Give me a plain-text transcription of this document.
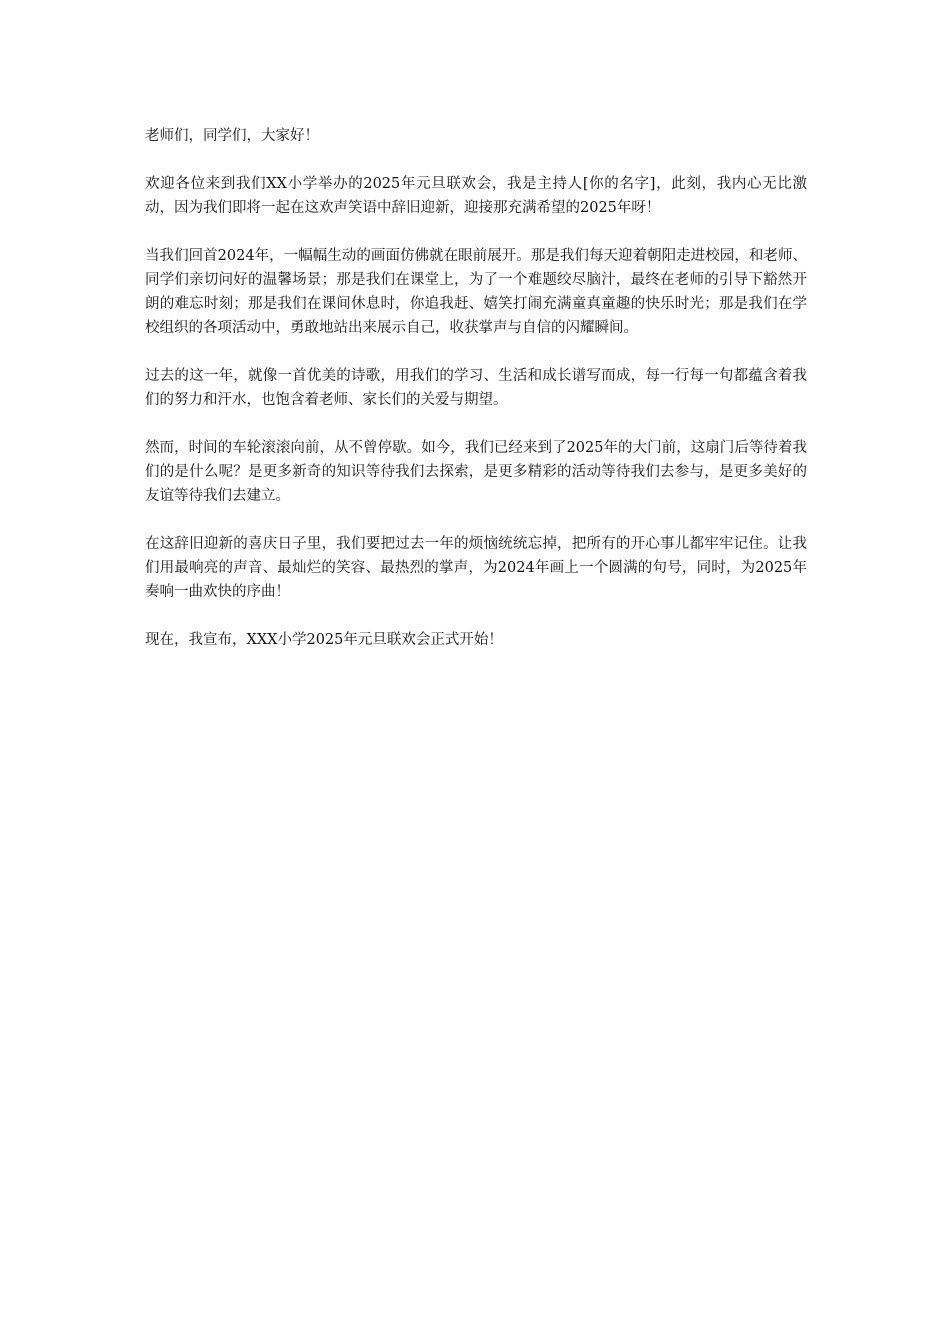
老师们，同学们，大家好！

欢迎各位来到我们XX小学举办的2025年元旦联欢会，我是主持人[你的名字]，此刻，我内心无比激动，因为我们即将一起在这欢声笑语中辞旧迎新，迎接那充满希望的2025年呀！

当我们回首2024年，一幅幅生动的画面仿佛就在眼前展开。那是我们每天迎着朝阳走进校园，和老师、同学们亲切问好的温馨场景；那是我们在课堂上，为了一个难题绞尽脑汁，最终在老师的引导下豁然开朗的难忘时刻；那是我们在课间休息时，你追我赶、嬉笑打闹充满童真童趣的快乐时光；那是我们在学校组织的各项活动中，勇敢地站出来展示自己，收获掌声与自信的闪耀瞬间。

过去的这一年，就像一首优美的诗歌，用我们的学习、生活和成长谱写而成，每一行每一句都蕴含着我们的努力和汗水，也饱含着老师、家长们的关爱与期望。

然而，时间的车轮滚滚向前，从不曾停歇。如今，我们已经来到了2025年的大门前，这扇门后等待着我们的是什么呢？是更多新奇的知识等待我们去探索，是更多精彩的活动等待我们去参与，是更多美好的友谊等待我们去建立。

在这辞旧迎新的喜庆日子里，我们要把过去一年的烦恼统统忘掉，把所有的开心事儿都牢牢记住。让我们用最响亮的声音、最灿烂的笑容、最热烈的掌声，为2024年画上一个圆满的句号，同时，为2025年奏响一曲欢快的序曲！

现在，我宣布，XXX小学2025年元旦联欢会正式开始！
